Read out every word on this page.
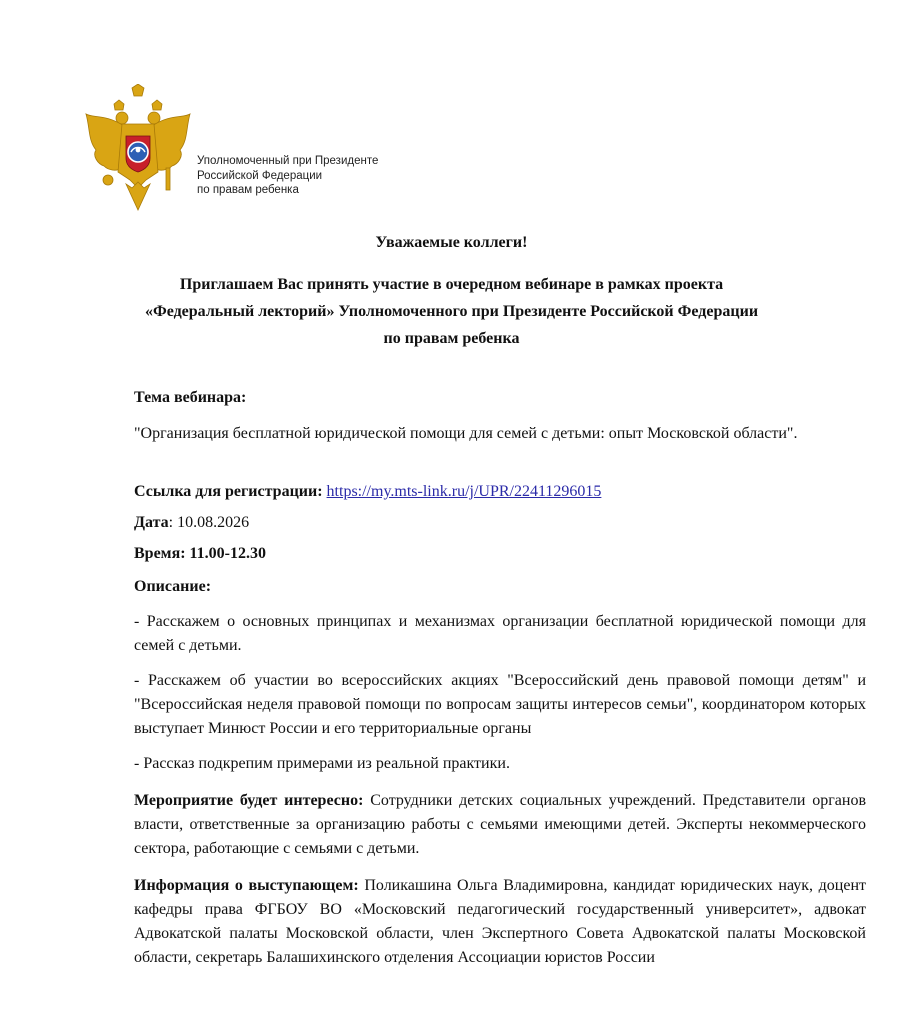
Уполномоченный при Президенте
Российской Федерации
по правам ребенка
Уважаемые коллеги!
Приглашаем Вас принять участие в очередном вебинаре в рамках проекта
«Федеральный лекторий» Уполномоченного при Президенте Российской Федерации
по правам ребенка
Тема вебинара:
"Организация бесплатной юридической помощи для семей с детьми: опыт Московской области".
Ссылка для регистрации: https://my.mts-link.ru/j/UPR/22411296015
Дата: 10.08.2026
Время: 11.00-12.30
Описание:
- Расскажем о основных принципах и механизмах организации бесплатной юридической помощи для семей с детьми.
- Расскажем об участии во всероссийских акциях "Всероссийский день правовой помощи детям" и "Всероссийская неделя правовой помощи по вопросам защиты интересов семьи", координатором которых выступает Минюст России и его территориальные органы
- Рассказ подкрепим примерами из реальной практики.
Мероприятие будет интересно: Сотрудники детских социальных учреждений. Представители органов власти, ответственные за организацию работы с семьями имеющими детей. Эксперты некоммерческого сектора, работающие с семьями с детьми.
Информация о выступающем: Поликашина Ольга Владимировна, кандидат юридических наук, доцент кафедры права ФГБОУ ВО «Московский педагогический государственный университет», адвокат Адвокатской палаты Московской области, член Экспертного Совета Адвокатской палаты Московской области, секретарь Балашихинского отделения Ассоциации юристов России
